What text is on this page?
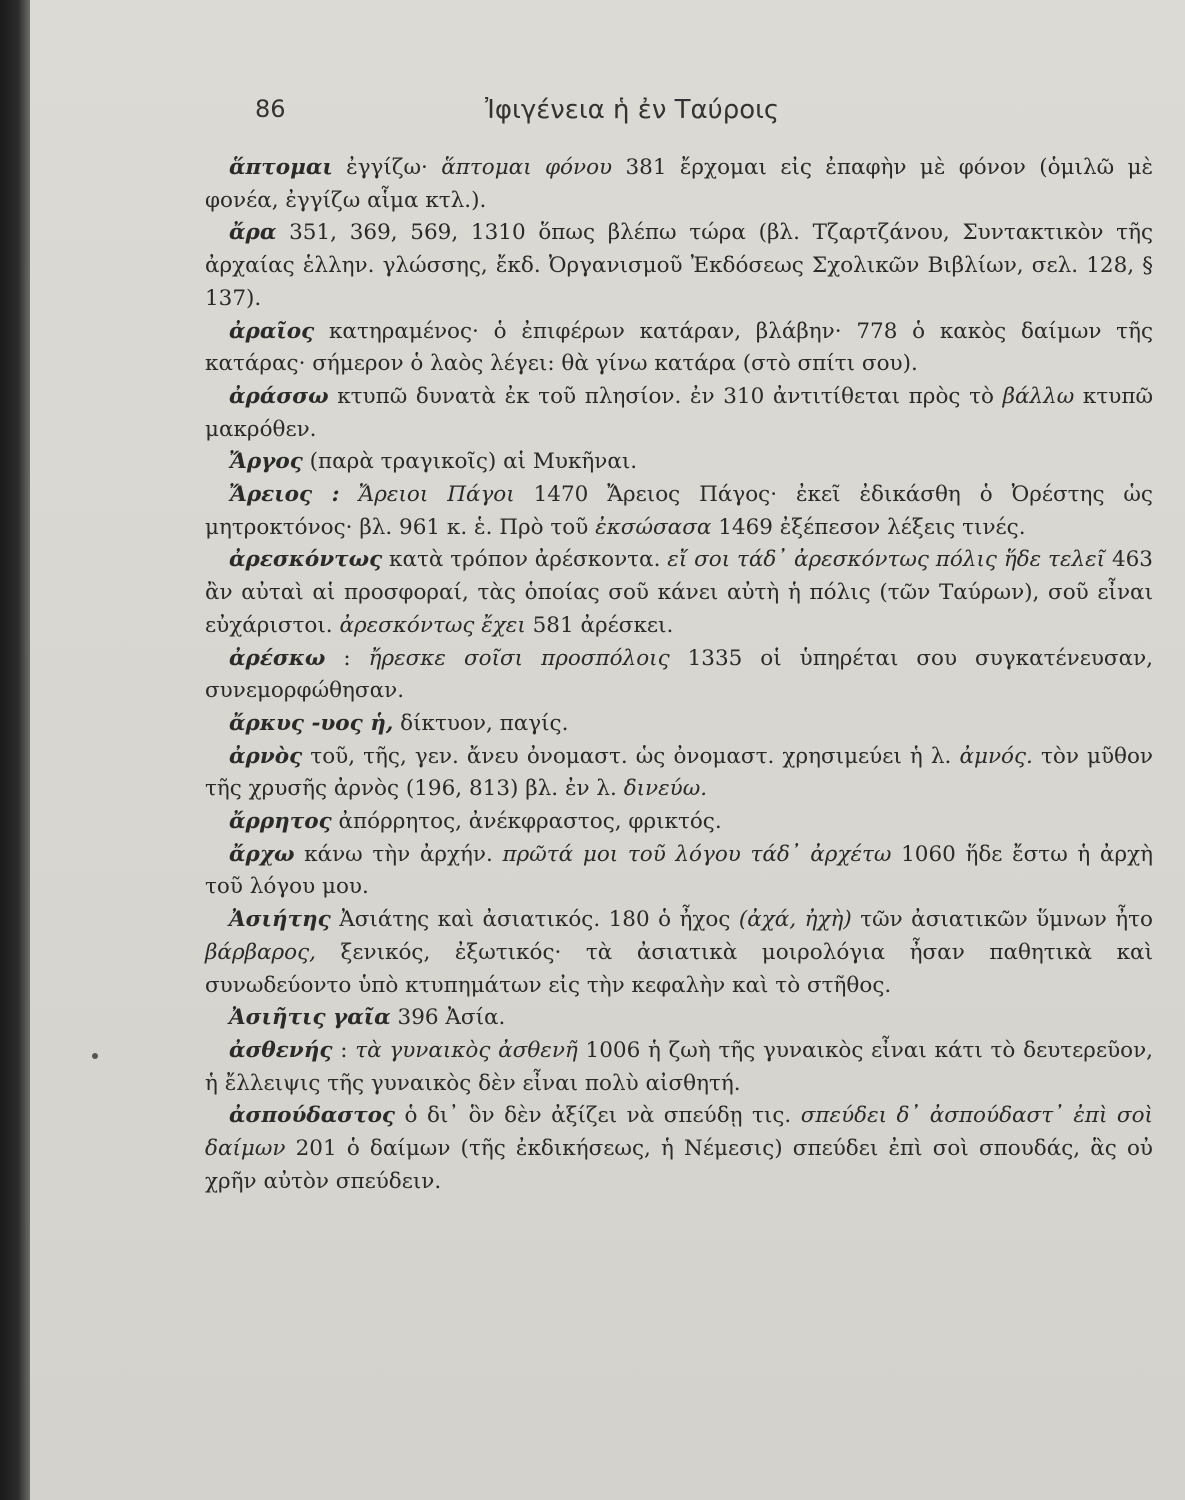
86	Ἰφιγένεια ἡ ἐν Ταύροις

ἅπτομαι ἐγγίζω· ἅπτομαι φόνου 381 ἔρχομαι εἰς ἐπαφὴν μὲ φόνον (ὁμιλῶ μὲ φονέα, ἐγγίζω αἷμα κτλ.).

ἄρα 351, 369, 569, 1310 ὅπως βλέπω τώρα (βλ. Τζαρτζάνου, Συντακτικὸν τῆς ἀρχαίας ἑλλην. γλώσσης, ἔκδ. Ὀργανισμοῦ Ἐκδόσεως Σχολικῶν Βιβλίων, σελ. 128, § 137).

ἀραῖος κατηραμένος· ὁ ἐπιφέρων κατάραν, βλάβην· 778 ὁ κακὸς δαίμων τῆς κατάρας· σήμερον ὁ λαὸς λέγει: θὰ γίνω κατάρα (στὸ σπίτι σου).

ἀράσσω κτυπῶ δυνατὰ ἐκ τοῦ πλησίον. ἐν 310 ἀντιτίθεται πρὸς τὸ βάλλω κτυπῶ μακρόθεν.

Ἄργος (παρὰ τραγικοῖς) αἱ Μυκῆναι.

Ἄρειος : Ἄρειοι Πάγοι 1470 Ἄρειος Πάγος· ἐκεῖ ἐδικάσθη ὁ Ὀρέστης ὡς μητροκτόνος· βλ. 961 κ. ἑ. Πρὸ τοῦ ἐκσώσασα 1469 ἐξέπεσον λέξεις τινές.

ἀρεσκόντως κατὰ τρόπον ἀρέσκοντα. εἴ σοι τάδ᾽ ἀρεσκόντως πόλις ἥδε τελεῖ 463 ἂν αὐταὶ αἱ προσφοραί, τὰς ὁποίας σοῦ κάνει αὐτὴ ἡ πόλις (τῶν Ταύρων), σοῦ εἶναι εὐχάριστοι. ἀρεσκόντως ἔχει 581 ἀρέσκει.

ἀρέσκω : ἤρεσκε σοῖσι προσπόλοις 1335 οἱ ὑπηρέται σου συγκατένευσαν, συνεμορφώθησαν.

ἄρκυς -υος ἡ, δίκτυον, παγίς.

ἀρνὸς τοῦ, τῆς, γεν. ἄνευ ὀνομαστ. ὡς ὀνομαστ. χρησιμεύει ἡ λ. ἀμνός. τὸν μῦθον τῆς χρυσῆς ἀρνὸς (196, 813) βλ. ἐν λ. δινεύω.

ἄρρητος ἀπόρρητος, ἀνέκφραστος, φρικτός.

ἄρχω κάνω τὴν ἀρχήν. πρῶτά μοι τοῦ λόγου τάδ᾽ ἀρχέτω 1060 ἥδε ἔστω ἡ ἀρχὴ τοῦ λόγου μου.

Ἀσιήτης Ἀσιάτης καὶ ἀσιατικός. 180 ὁ ἦχος (ἀχά, ἠχὴ) τῶν ἀσιατικῶν ὕμνων ἦτο βάρβαρος, ξενικός, ἐξωτικός· τὰ ἀσιατικὰ μοιρολόγια ἦσαν παθητικὰ καὶ συνωδεύοντο ὑπὸ κτυπημάτων εἰς τὴν κεφαλὴν καὶ τὸ στῆθος.

Ἀσιῆτις γαῖα 396 Ἀσία.

ἀσθενής : τὰ γυναικὸς ἀσθενῆ 1006 ἡ ζωὴ τῆς γυναικὸς εἶναι κάτι τὸ δευτερεῦον, ἡ ἔλλειψις τῆς γυναικὸς δὲν εἶναι πολὺ αἰσθητή.

ἀσπούδαστος ὁ δι᾽ ὃν δὲν ἀξίζει νὰ σπεύδῃ τις. σπεύδει δ᾽ ἀσπούδαστ᾽ ἐπὶ σοὶ δαίμων 201 ὁ δαίμων (τῆς ἐκδικήσεως, ἡ Νέμεσις) σπεύδει ἐπὶ σοὶ σπουδάς, ἃς οὐ χρῆν αὐτὸν σπεύδειν.
